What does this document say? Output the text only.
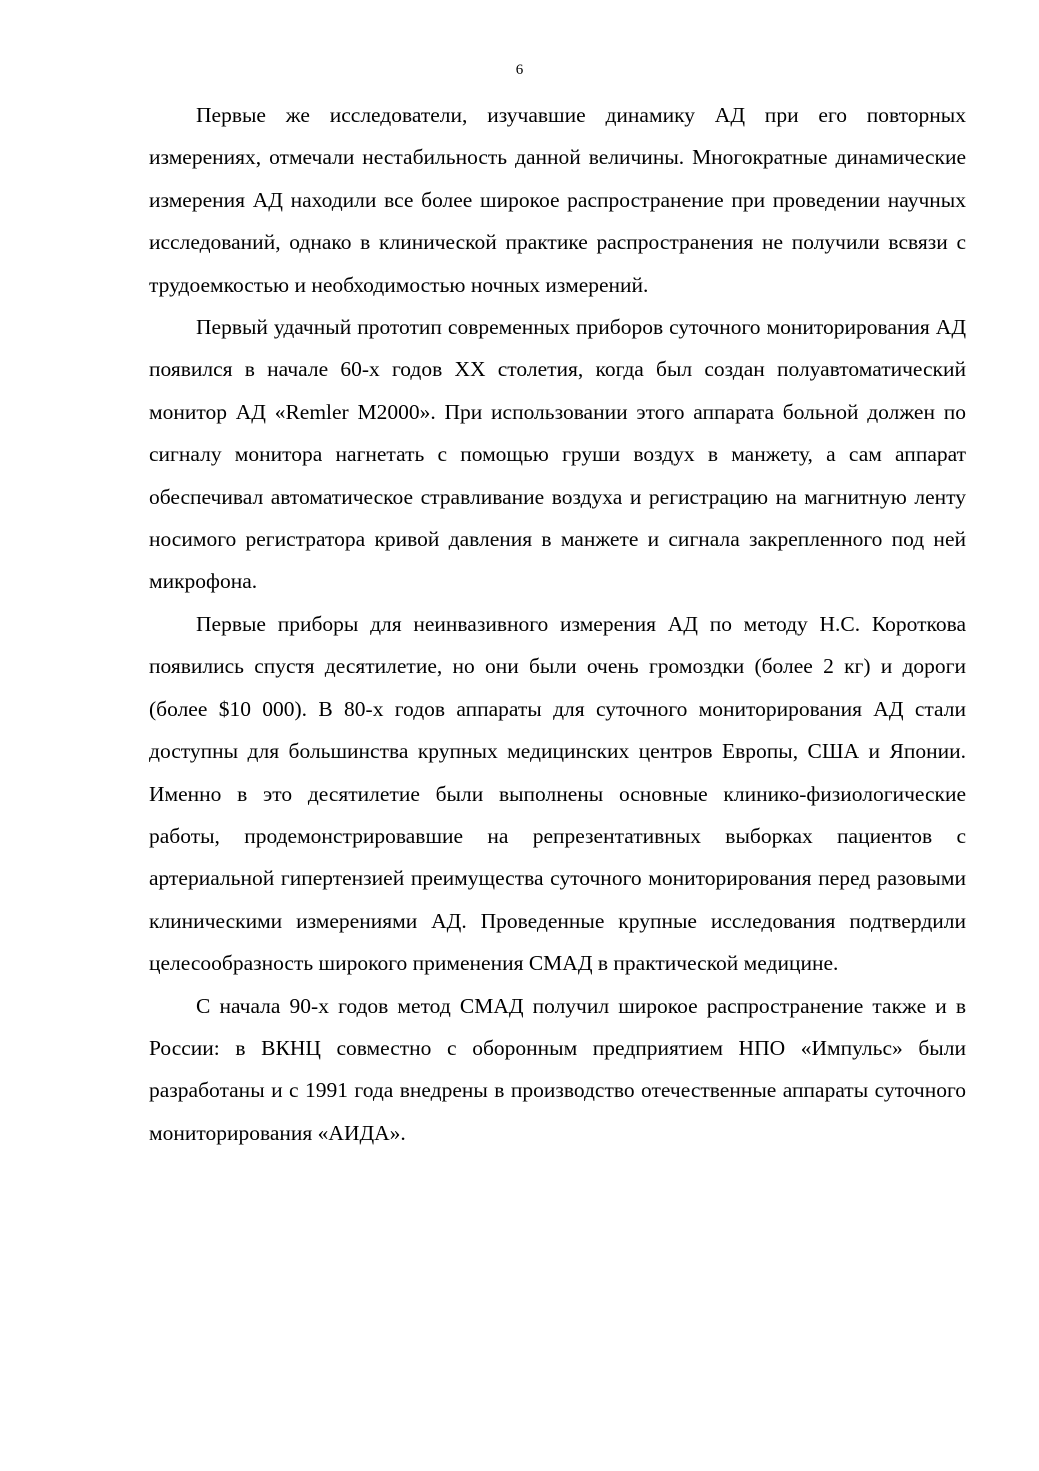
6

Первые же исследователи, изучавшие динамику АД при его повторных измерениях, отмечали нестабильность данной величины. Многократные динамические измерения АД находили все более широкое распространение при проведении научных исследований, однако в клинической практике распространения не получили всвязи с трудоемкостью и необходимостью ночных измерений.

Первый удачный прототип современных приборов суточного мониторирования АД появился в начале 60-х годов XX столетия, когда был создан полуавтоматический монитор АД «Remler M2000». При использовании этого аппарата больной должен по сигналу монитора нагнетать с помощью груши воздух в манжету, а сам аппарат обеспечивал автоматическое стравливание воздуха и регистрацию на магнитную ленту носимого регистратора кривой давления в манжете и сигнала закрепленного под ней микрофона.

Первые приборы для неинвазивного измерения АД по методу Н.С. Короткова появились спустя десятилетие, но они были очень громоздки (более 2 кг) и дороги (более $10 000). В 80-х годов аппараты для суточного мониторирования АД стали доступны для большинства крупных медицинских центров Европы, США и Японии. Именно в это десятилетие были выполнены основные клинико-физиологические работы, продемонстрировавшие на репрезентативных выборках пациентов с артериальной гипертензией преимущества суточного мониторирования перед разовыми клиническими измерениями АД. Проведенные крупные исследования подтвердили целесообразность широкого применения СМАД в практической медицине.

С начала 90-х годов метод СМАД получил широкое распространение также и в России: в ВКНЦ совместно с оборонным предприятием НПО «Импульс» были разработаны и с 1991 года внедрены в производство отечественные аппараты суточного мониторирования «АИДА».
